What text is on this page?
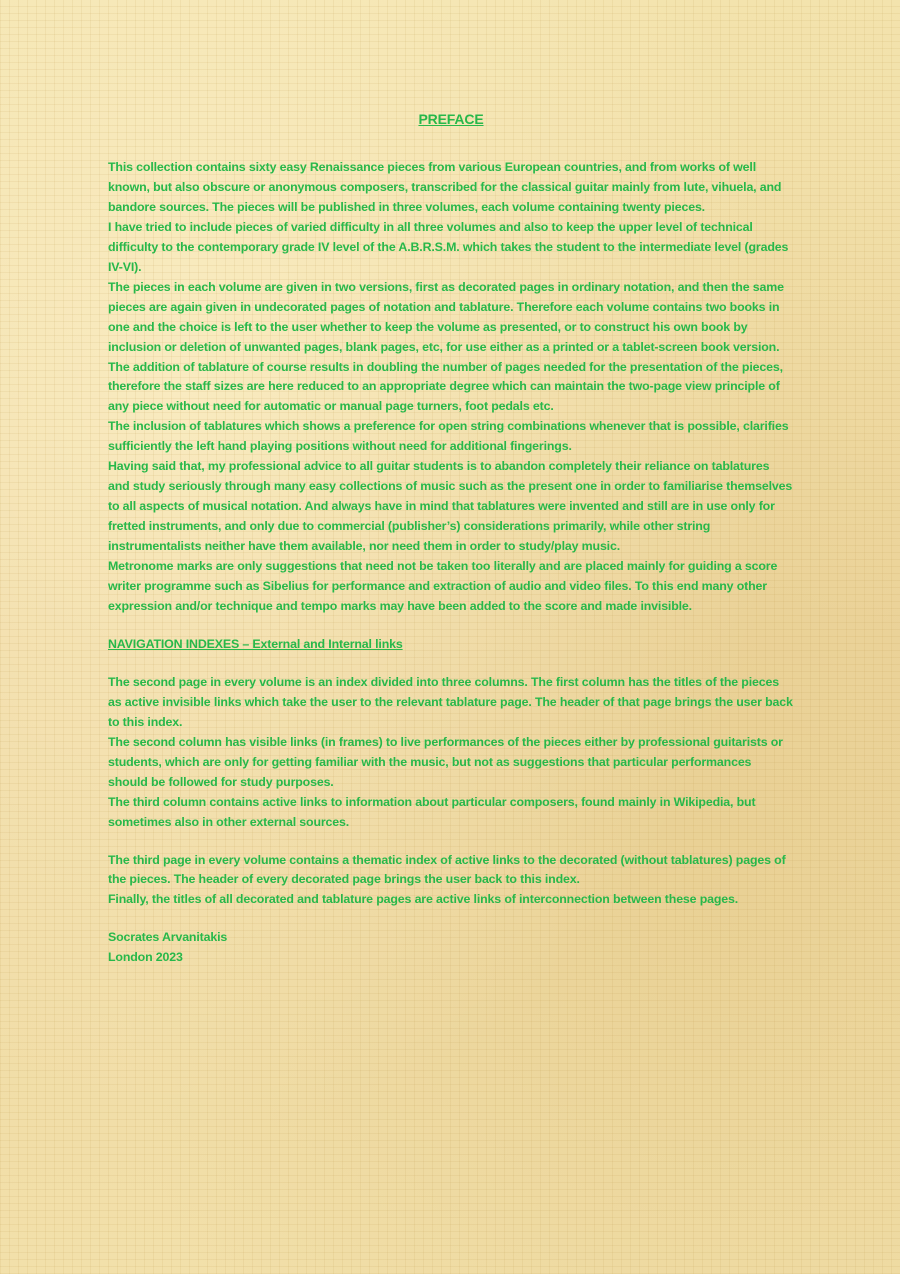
PREFACE

This collection contains sixty easy Renaissance pieces from various European countries, and from works of well known, but also obscure or anonymous composers, transcribed for the classical guitar mainly from lute, vihuela, and bandore sources. The pieces will be published in three volumes, each volume containing twenty pieces.

I have tried to include pieces of varied difficulty in all three volumes and also to keep the upper level of technical difficulty to the contemporary grade IV level of the A.B.R.S.M. which takes the student to the intermediate level (grades IV-VI).

The pieces in each volume are given in two versions, first as decorated pages in ordinary notation, and then the same pieces are again given in undecorated pages of notation and tablature. Therefore each volume contains two books in one and the choice is left to the user whether to keep the volume as presented, or to construct his own book by inclusion or deletion of unwanted pages, blank pages, etc, for use either as a printed or a tablet-screen book version. The addition of tablature of course results in doubling the number of pages needed for the presentation of the pieces, therefore the staff sizes are here reduced to an appropriate degree which can maintain the two-page view principle of any piece without need for automatic or manual page turners, foot pedals etc.

The inclusion of tablatures which shows a preference for open string combinations whenever that is possible, clarifies sufficiently the left hand playing positions without need for additional fingerings.

Having said that, my professional advice to all guitar students is to abandon completely their reliance on tablatures and study seriously through many easy collections of music such as the present one in order to familiarise themselves to all aspects of musical notation. And always have in mind that tablatures were invented and still are in use only for fretted instruments, and only due to commercial (publisher’s) considerations primarily, while other string instrumentalists neither have them available, nor need them in order to study/play music.

Metronome marks are only suggestions that need not be taken too literally and are placed mainly for guiding a score writer programme such as Sibelius for performance and extraction of audio and video files. To this end many other expression and/or technique and tempo marks may have been added to the score and made invisible.

NAVIGATION INDEXES – External and Internal links

The second page in every volume is an index divided into three columns. The first column has the titles of the pieces as active invisible links which take the user to the relevant tablature page. The header of that page brings the user back to this index.

The second column has visible links (in frames) to live performances of the pieces either by professional guitarists or students, which are only for getting familiar with the music, but not as suggestions that particular performances should be followed for study purposes.

The third column contains active links to information about particular composers, found mainly in Wikipedia, but sometimes also in other external sources.

The third page in every volume contains a thematic index of active links to the decorated (without tablatures) pages of the pieces. The header of every decorated page brings the user back to this index.

Finally, the titles of all decorated and tablature pages are active links of interconnection between these pages.

Socrates Arvanitakis

London 2023
